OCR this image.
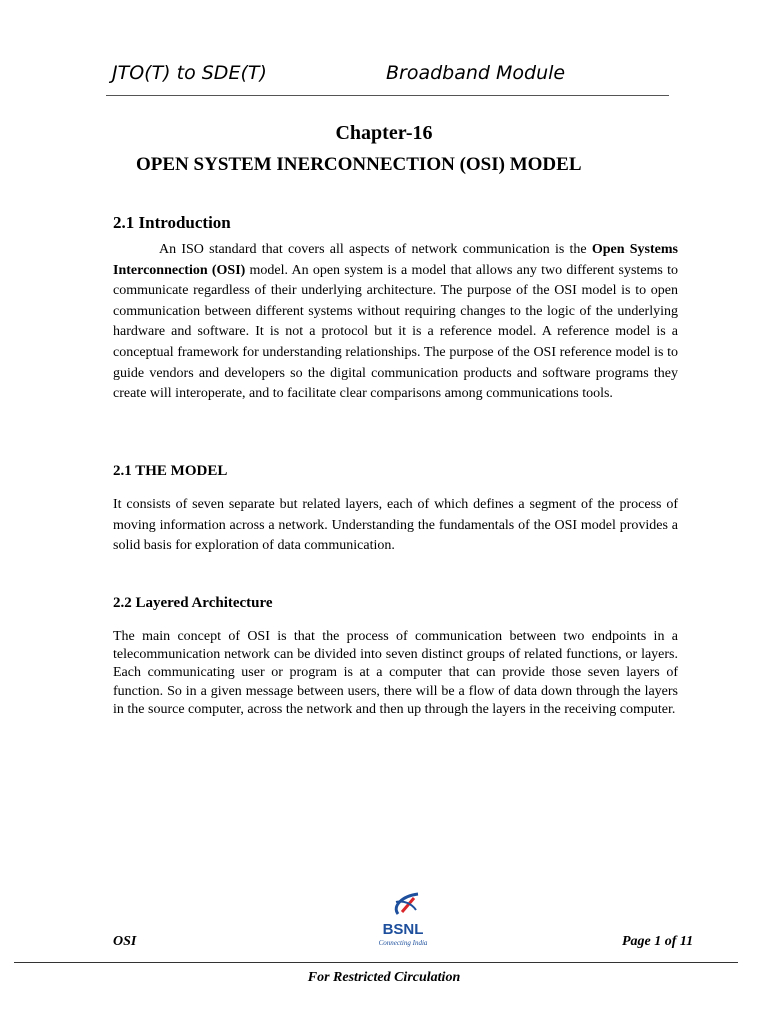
JTO(T) to SDE(T)	Broadband Module
Chapter-16
OPEN SYSTEM INERCONNECTION (OSI) MODEL
2.1 Introduction
An ISO standard that covers all aspects of network communication is the Open Systems Interconnection (OSI) model. An open system is a model that allows any two different systems to communicate regardless of their underlying architecture. The purpose of the OSI model is to open communication between different systems without requiring changes to the logic of the underlying hardware and software. It is not a protocol but it is a reference model. A reference model is a conceptual framework for understanding relationships. The purpose of the OSI reference model is to guide vendors and developers so the digital communication products and software programs they create will interoperate, and to facilitate clear comparisons among communications tools.
2.1 THE MODEL
It consists of seven separate but related layers, each of which defines a segment of the process of moving information across a network. Understanding the fundamentals of the OSI model provides a solid basis for exploration of data communication.
2.2 Layered Architecture
The main concept of OSI is that the process of communication between two endpoints in a telecommunication network can be divided into seven distinct groups of related functions, or layers. Each communicating user or program is at a computer that can provide those seven layers of function. So in a given message between users, there will be a flow of data down through the layers in the source computer, across the network and then up through the layers in the receiving computer.
OSI
BSNL
Connecting India	Page 1 of 11
For Restricted Circulation
